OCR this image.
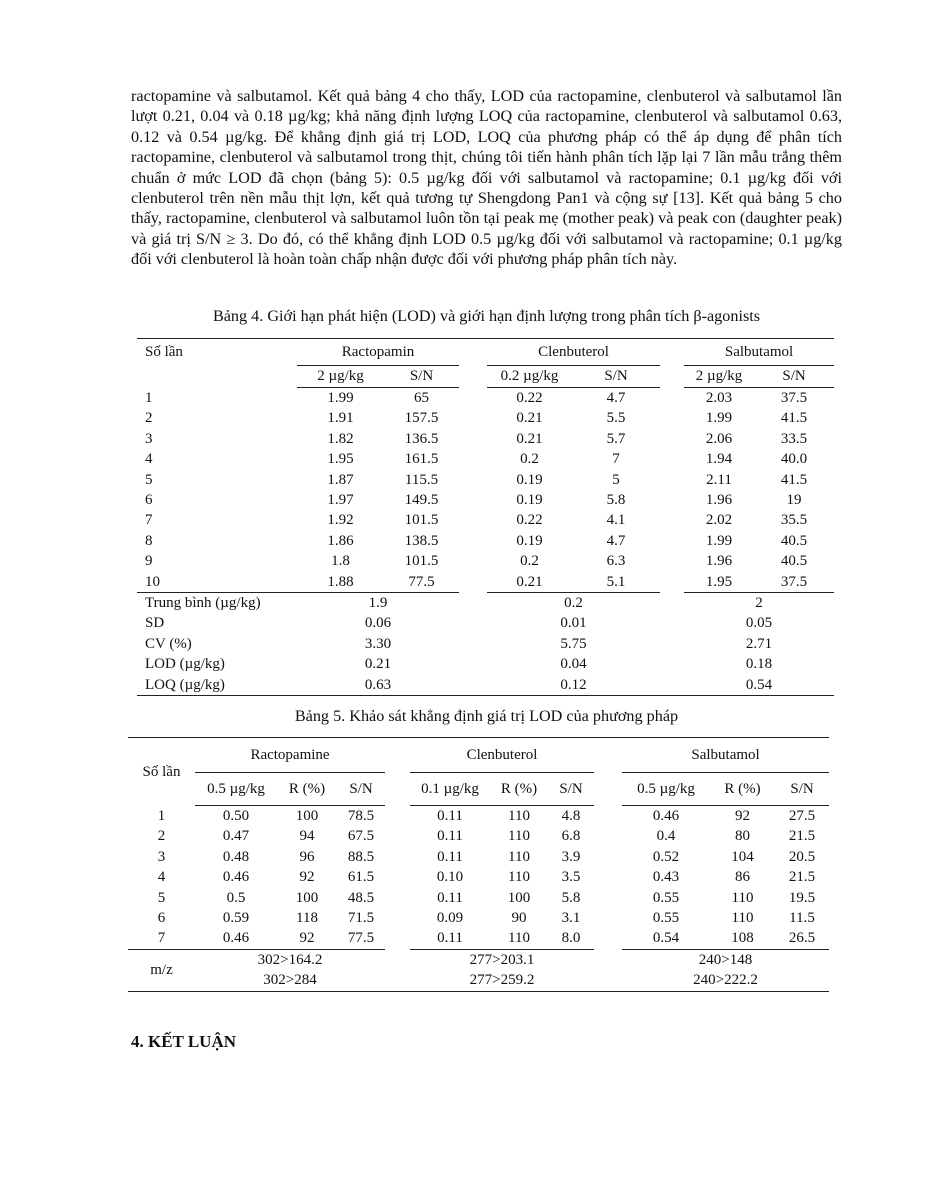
ractopamine và salbutamol. Kết quả bảng 4 cho thấy, LOD của ractopamine, clenbuterol và salbutamol lần lượt 0.21, 0.04 và 0.18 µg/kg; khả năng định lượng LOQ của ractopamine, clenbuterol và salbutamol 0.63, 0.12 và 0.54 µg/kg. Để khẳng định giá trị LOD, LOQ của phương pháp có thể áp dụng để phân tích ractopamine, clenbuterol và salbutamol trong thịt, chúng tôi tiến hành phân tích lặp lại 7 lần mẫu trắng thêm chuẩn ở mức LOD đã chọn (bảng 5): 0.5 µg/kg đối với salbutamol và ractopamine; 0.1 µg/kg đối với clenbuterol trên nền mẫu thịt lợn, kết quả tương tự Shengdong Pan1 và cộng sự [13]. Kết quả bảng 5 cho thấy, ractopamine, clenbuterol và salbutamol luôn tồn tại peak mẹ (mother peak) và peak con (daughter peak) và giá trị S/N ≥ 3. Do đó, có thể khẳng định LOD 0.5 µg/kg đối với salbutamol và ractopamine; 0.1 µg/kg đối với clenbuterol là hoàn toàn chấp nhận được đối với phương pháp phân tích này.
Bảng 4. Giới hạn phát hiện (LOD) và giới hạn định lượng trong phân tích β-agonists
Số lần	Ractopamin			Clenbuterol			Salbutamol	
	2 µg/kg	S/N		0.2 µg/kg	S/N		2 µg/kg	S/N
1	1.99	65		0.22	4.7		2.03	37.5
2	1.91	157.5		0.21	5.5		1.99	41.5
3	1.82	136.5		0.21	5.7		2.06	33.5
4	1.95	161.5		0.2	7		1.94	40.0
5	1.87	115.5		0.19	5		2.11	41.5
6	1.97	149.5		0.19	5.8		1.96	19
7	1.92	101.5		0.22	4.1		2.02	35.5
8	1.86	138.5		0.19	4.7		1.99	40.5
9	1.8	101.5		0.2	6.3		1.96	40.5
10	1.88	77.5		0.21	5.1		1.95	37.5
Trung bình (µg/kg)	1.9			0.2			2	
SD	0.06			0.01			0.05	
CV (%)	3.30			5.75			2.71	
LOD (µg/kg)	0.21			0.04			0.18	
LOQ (µg/kg)	0.63			0.12			0.54	
Bảng 5. Khảo sát khẳng định giá trị LOD của phương pháp
Số lần	Ractopamine				Clenbuterol				Salbutamol		
	0.5 µg/kg	R (%)	S/N		0.1 µg/kg	R (%)	S/N		0.5 µg/kg	R (%)	S/N
1	0.50	100	78.5		0.11	110	4.8		0.46	92	27.5
2	0.47	94	67.5		0.11	110	6.8		0.4	80	21.5
3	0.48	96	88.5		0.11	110	3.9		0.52	104	20.5
4	0.46	92	61.5		0.10	110	3.5		0.43	86	21.5
5	0.5	100	48.5		0.11	100	5.8		0.55	110	19.5
6	0.59	118	71.5		0.09	90	3.1		0.55	110	11.5
7	0.46	92	77.5		0.11	110	8.0		0.54	108	26.5
m/z	302>164.2				277>203.1				240>148		
	302>284				277>259.2				240>222.2		
4. KẾT LUẬN
